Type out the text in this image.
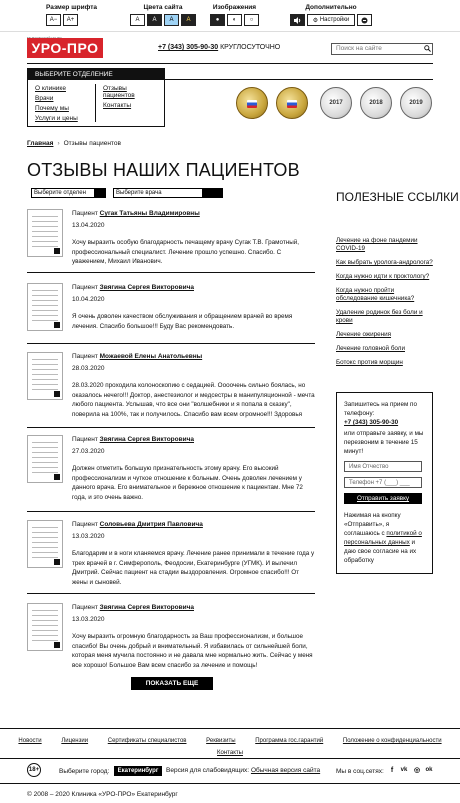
Размер шрифта
А−	А+
Цвета сайта
А	А	А	А
Изображения
●	◐	○
Дополнительно
⚙
Настройки
УРО-ПРО	+7 (343) 305-90-30 КРУГЛОСУТОЧНО	Поиск на сайте
ВЫБЕРИТЕ ОТДЕЛЕНИЕ
О клинике
Врачи
Почему мы
Услуги и цены
Отзывы пациентов
Контакты	2017	2018	2019
Главная › Отзывы пациентов
ОТЗЫВЫ НАШИХ ПАЦИЕНТОВ
Выберите отделен	Выберите врача
Пациент Сугак Татьяны Владимировны
13.04.2020
Хочу выразить особую благодарность печащему врачу Сугак Т.В. Грамотный, профессиональный специалист. Лечение прошло успешно. Спасибо. С уважением, Михаил Иванович.
Пациент Звягина Сергея Викторовича
10.04.2020
Я очень доволен качеством обслуживания и обращением врачей во время лечения. Спасибо большое!!! Буду Вас рекомендовать.
Пациент Можаевой Елены Анатольевны
28.03.2020
28.03.2020 проходила колоноскопию с седацией. Оооочень сильно боялась, но оказалось нечего!!! Доктор, анестезиолог и медсестры в манипуляционной - мечта любого пациента. Услышав, что все они "волшебники и я попала в сказку", поверила на 100%, так и получилось. Спасибо вам всем огромное!!! Здоровья
Пациент Звягина Сергея Викторовича
27.03.2020
Должен отметить большую признательность этому врачу. Его высокий профессионализм и чуткое отношение к больным. Очень доволен лечением у данного врача. Его внимательное и бережное отношение к пациентам. Мне 72 года, и это очень важно.
Пациент Соловьева Дмитрия Павловича
13.03.2020
Благодарим и в ноги кланяемся врачу. Лечение ранее принимали в течение года у трех врачей в г. Симферополь, Феодосии, Екатеринбурге (УГМК). И вылечил Дмитрий. Сейчас пациент на стадии выздоровления. Огромное спасибо!!! От жены и сыновей.
Пациент Звягина Сергея Викторовича
13.03.2020
Хочу выразить огромную благодарность за Ваш профессионализм, и большое спасибо! Вы очень добрый и внимательный. Я избавилась от сильнейшей боли, которая меня мучила постоянно и не давала мне нормально жить. Сейчас у меня все хорошо! Большое Вам всем спасибо за лечение и помощь!
ПОКАЗАТЬ ЕЩЕ
ПОЛЕЗНЫЕ ССЫЛКИ
Лечение на фоне пандемии COVID-19
Как выбрать уролога-андролога?
Когда нужно идти к проктологу?
Когда нужно пройти обследование кишечника?
Удаление родинок без боли и крови
Лечение ожирения
Лечение головной боли
Ботокс против морщин
Запишитесь на прием по телефону:
+7 (343) 305-90-30
или отправьте заявку, и мы перезвоним в течение 15 минут!
Имя Отчество
Телефон +7 (___) ___
Отправить заявку
Нажимая на кнопку «Отправить», я соглашаюсь с политикой о персональных данных и даю свое согласие на их обработку
Новости	Лицензии	Сертификаты специалистов	Реквизиты	Программа гос.гарантий	Положение о конфиденциальности
Контакты
18+	Выберите город:	Екатеринбург	Версия для слабовидящих: Обычная версия сайта Мы в соц.сетях:	f	vk ◎ ok
© 2008 – 2020 Клиника «УРО-ПРО» Екатеринбург
